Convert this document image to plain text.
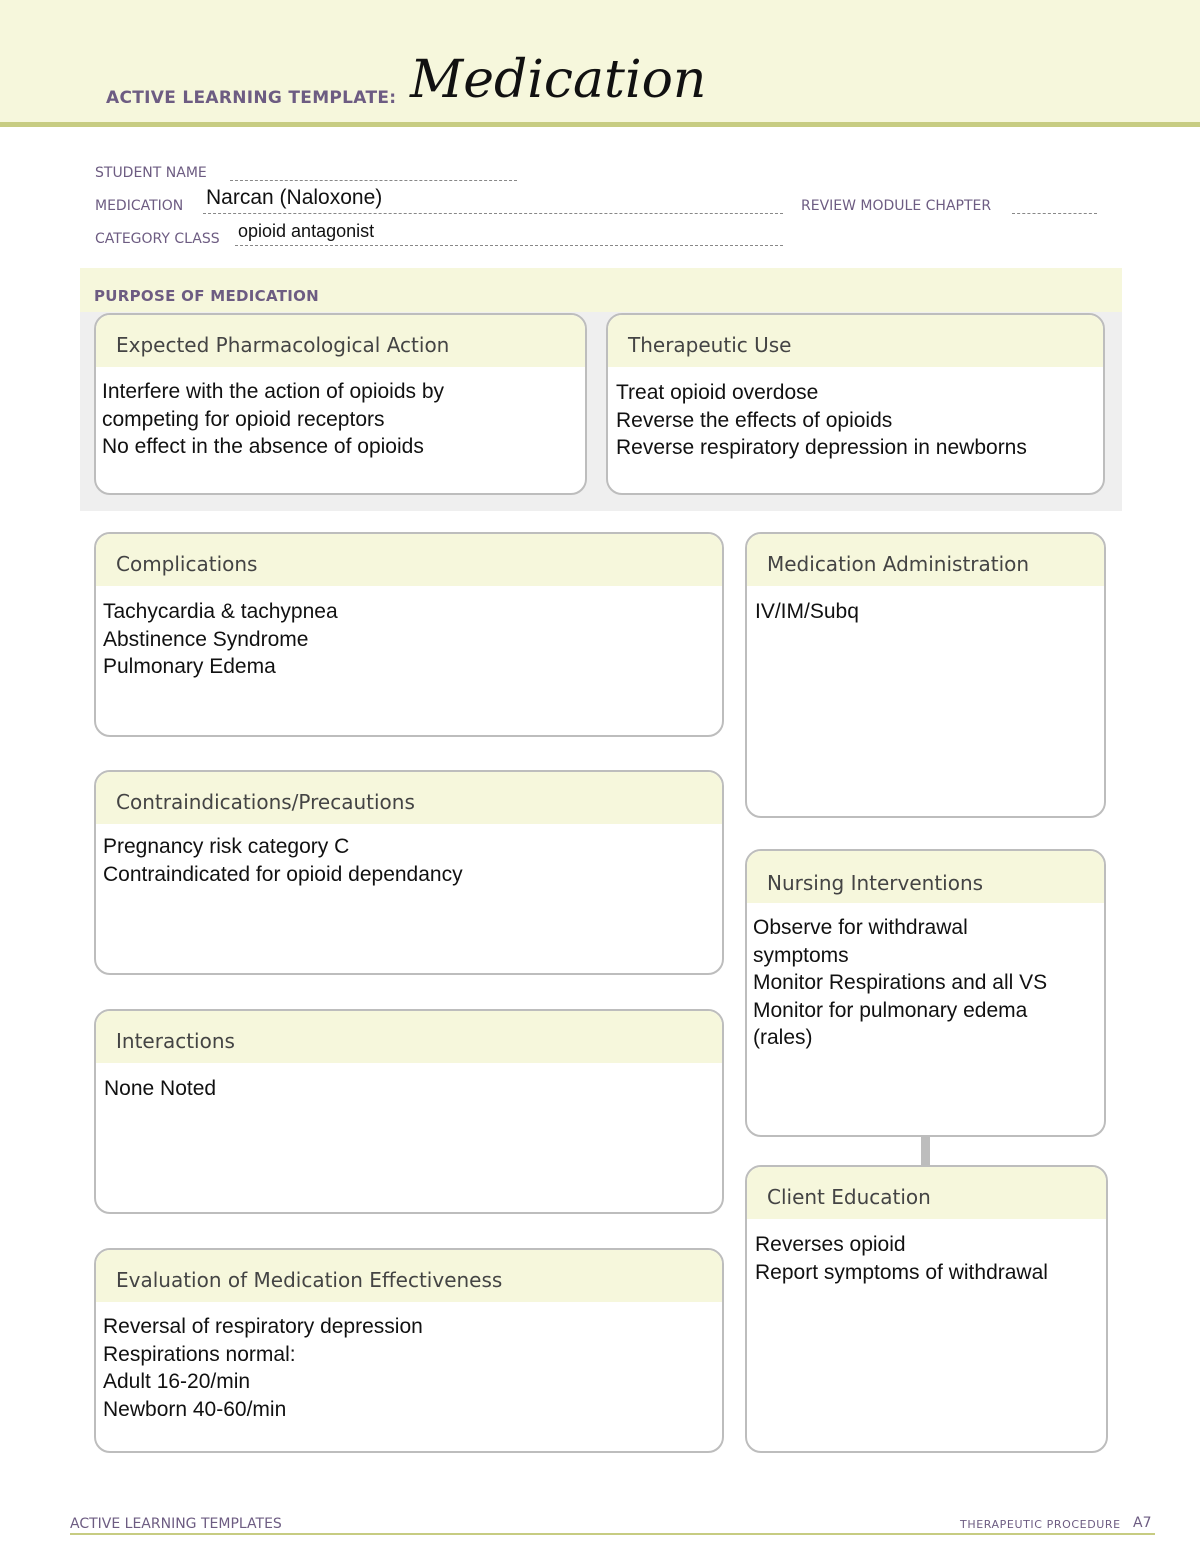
ACTIVE LEARNING TEMPLATE: Medication
STUDENT NAME
MEDICATION Narcan (Naloxone)	REVIEW MODULE CHAPTER
CATEGORY CLASS opioid antagonist
PURPOSE OF MEDICATION
Expected Pharmacological Action
Interfere with the action of opioids by
competing for opioid receptors
No effect in the absence of opioids
Therapeutic Use
Treat opioid overdose
Reverse the effects of opioids
Reverse respiratory depression in newborns
Complications
Tachycardia & tachypnea
Abstinence Syndrome
Pulmonary Edema
Contraindications/Precautions
Pregnancy risk category C
Contraindicated for opioid dependancy
Interactions
None Noted
Evaluation of Medication Effectiveness
Reversal of respiratory depression
Respirations normal:
Adult 16-20/min
Newborn 40-60/min
Medication Administration
IV/IM/Subq
Nursing Interventions
Observe for withdrawal
symptoms
Monitor Respirations and all VS
Monitor for pulmonary edema
(rales)
Client Education
Reverses opioid
Report symptoms of withdrawal
ACTIVE LEARNING TEMPLATES	THERAPEUTIC PROCEDURE A7
